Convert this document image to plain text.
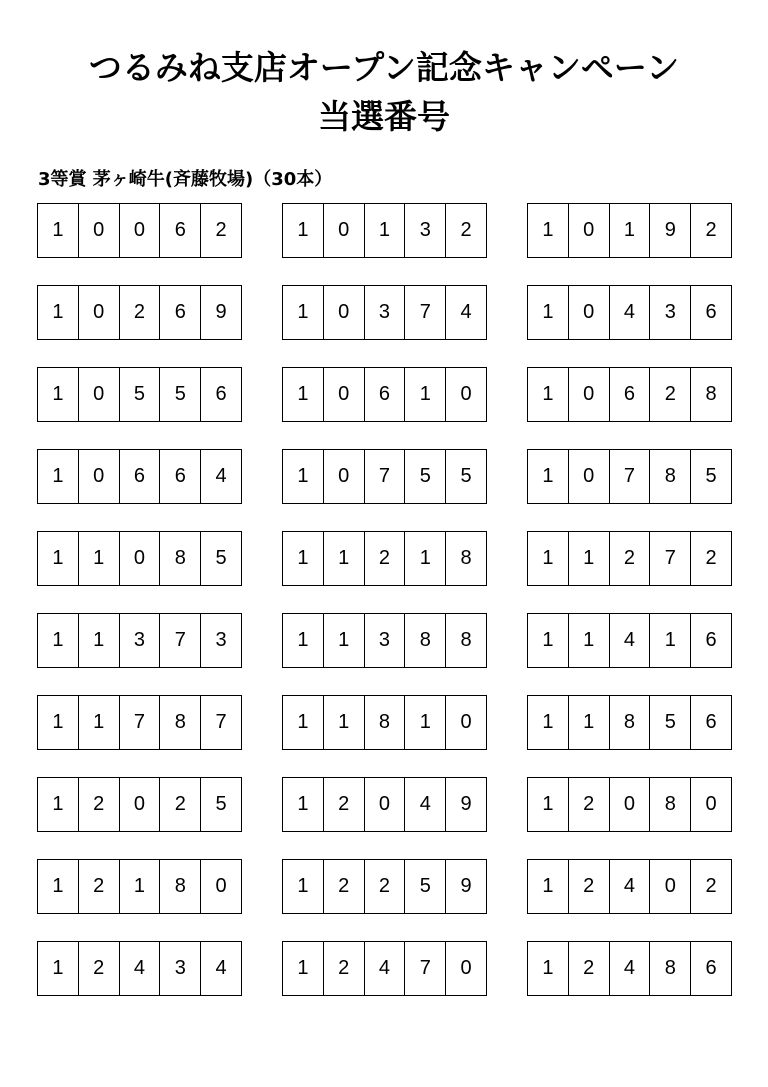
つるみね支店オープン記念キャンペーン
当選番号
3等賞 茅ヶ崎牛(斉藤牧場)（30本）
1	0	0	6	2	1	0	1	3	2	1	0	1	9	2
1	0	2	6	9	1	0	3	7	4	1	0	4	3	6
1	0	5	5	6	1	0	6	1	0	1	0	6	2	8
1	0	6	6	4	1	0	7	5	5	1	0	7	8	5
1	1	0	8	5	1	1	2	1	8	1	1	2	7	2
1	1	3	7	3	1	1	3	8	8	1	1	4	1	6
1	1	7	8	7	1	1	8	1	0	1	1	8	5	6
1	2	0	2	5	1	2	0	4	9	1	2	0	8	0
1	2	1	8	0	1	2	2	5	9	1	2	4	0	2
1	2	4	3	4	1	2	4	7	0	1	2	4	8	6
